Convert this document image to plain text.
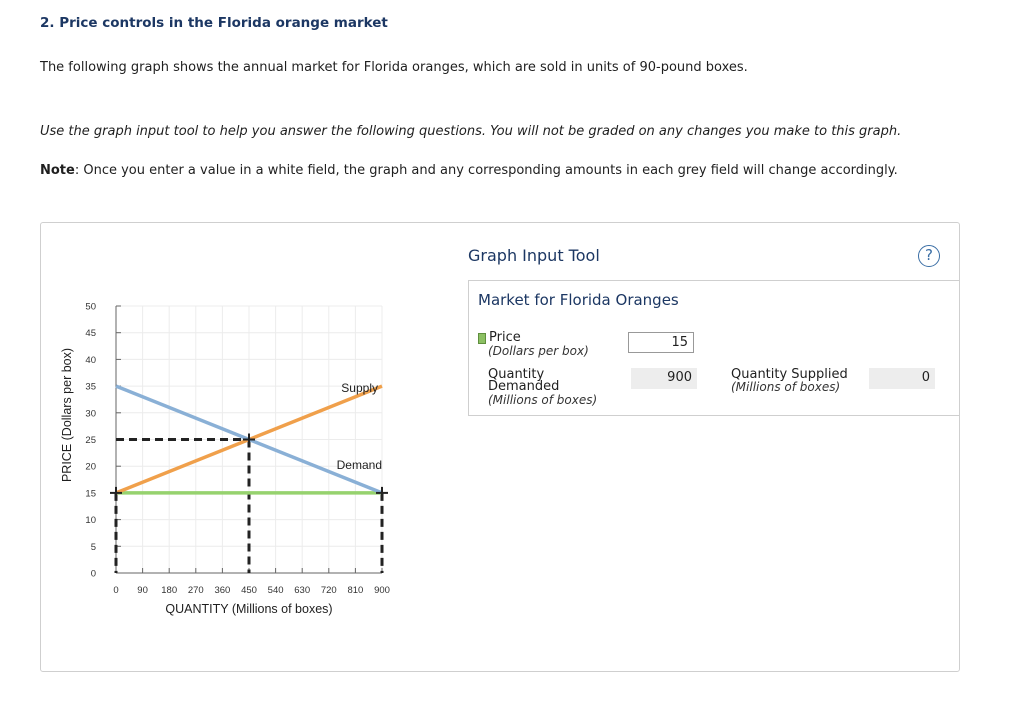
2. Price controls in the Florida orange market
The following graph shows the annual market for Florida oranges, which are sold in units of 90-pound boxes.
Use the graph input tool to help you answer the following questions. You will not be graded on any changes you make to this graph.
Note: Once you enter a value in a white field, the graph and any corresponding amounts in each grey field will change accordingly.
0 90 180 270 360 450 540 630 720 810 900
0
5
10
15
20
25
30
35
40
45
50
Supply
Demand
QUANTITY (Millions of boxes)
PRICE (Dollars per box)
Graph Input Tool	?
Market for Florida Oranges
Price
(Dollars per box)
15
Quantity
Demanded
(Millions of boxes)
900	Quantity Supplied
(Millions of boxes)
0
